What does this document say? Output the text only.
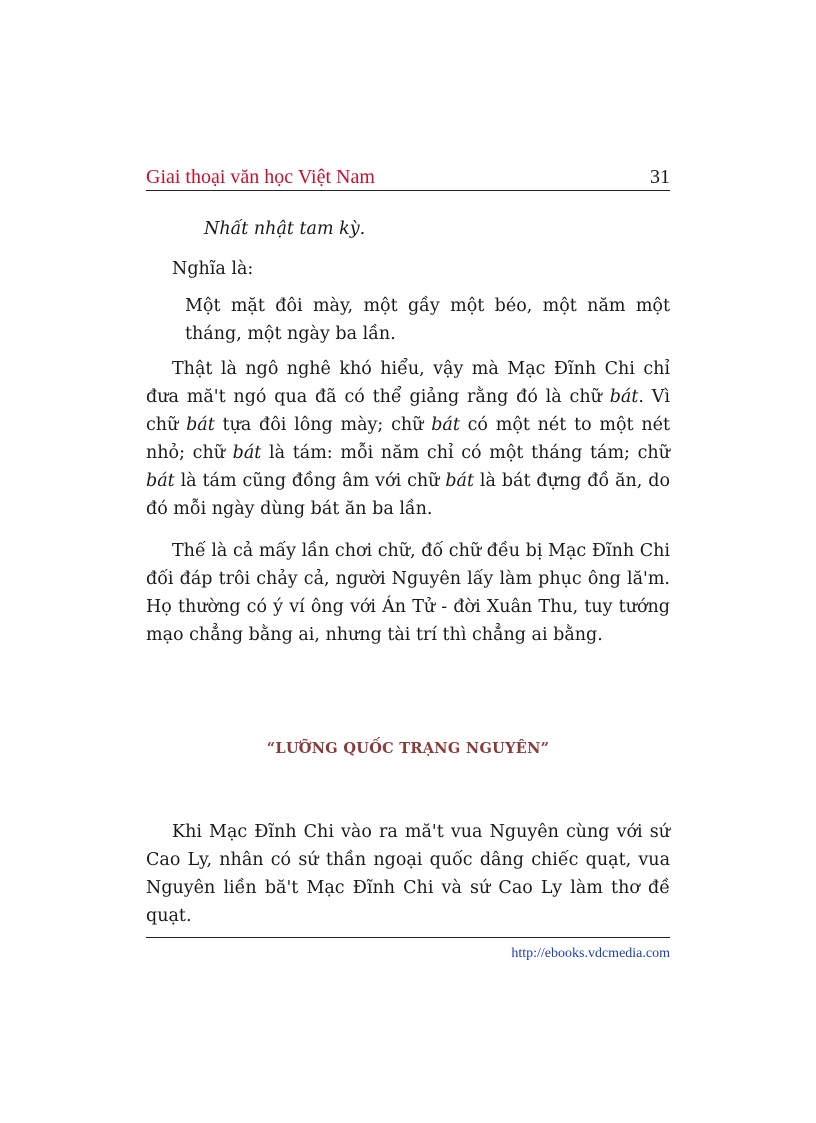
Giai thoại văn học Việt Nam	31
Nhất nhật tam kỳ.
Nghĩa là:
Một mặt đôi mày, một gầy một béo, một năm một tháng, một ngày ba lần.

Thật là ngô nghê khó hiểu, vậy mà Mạc Đĩnh Chi chỉ đưa mă't ngó qua đã có thể giảng rằng đó là chữ bát. Vì chữ bát tựa đôi lông mày; chữ bát có một nét to một nét nhỏ; chữ bát là tám: mỗi năm chỉ có một tháng tám; chữ bát là tám cũng đồng âm với chữ bát là bát đựng đồ ăn, do đó mỗi ngày dùng bát ăn ba lần.

Thế là cả mấy lần chơi chữ, đố chữ đều bị Mạc Đĩnh Chi đối đáp trôi chảy cả, người Nguyên lấy làm phục ông lă'm. Họ thường có ý ví ông với Án Tử - đời Xuân Thu, tuy tướng mạo chẳng bằng ai, nhưng tài trí thì chẳng ai bằng.

“LƯỠNG QUỐC TRẠNG NGUYÊN”

Khi Mạc Đĩnh Chi vào ra mă't vua Nguyên cùng với sứ Cao Ly, nhân có sứ thần ngoại quốc dâng chiếc quạt, vua Nguyên liền bă't Mạc Đĩnh Chi và sứ Cao Ly làm thơ đề quạt.

http://ebooks.vdcmedia.com
